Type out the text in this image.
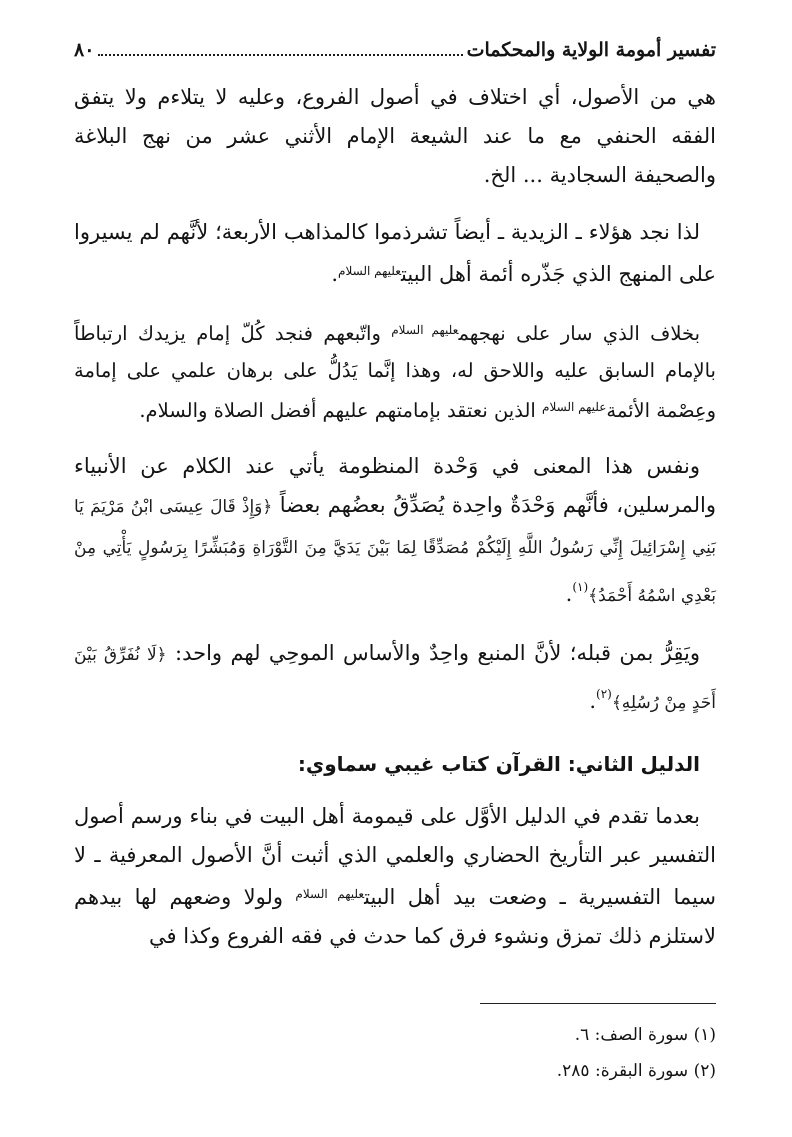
تفسير أمومة الولاية والمحكمات
٨٠

هي من الأصول، أي اختلاف في أصول الفروع، وعليه لا يتلاءم ولا يتفق الفقه الحنفي مع ما عند الشيعة الإمام الأثني عشر من نهج البلاغة والصحيفة السجادية ... الخ.

لذا نجد هؤلاء ـ الزيدية ـ أيضاً تشرذموا كالمذاهب الأربعة؛ لأنَّهم لم يسيروا على المنهج الذي جَذّره أئمة أهل البيت$^{عليهم السلام}$.

بخلاف الذي سار على نهجهم$^{عليهم السلام}$ واتّبعهم فنجد كُلّ إمام يزيدك ارتباطاً بالإمام السابق عليه واللاحق له، وهذا إنَّما يَدُلُّ على برهان علمي على إمامة وعِصْمة الأئمة$^{عليهم السلام}$ الذين نعتقد بإمامتهم عليهم أفضل الصلاة والسلام.

ونفس هذا المعنى في وَحْدة المنظومة يأتي عند الكلام عن الأنبياء والمرسلين، فأنَّهم وَحْدَةٌ واحِدة يُصَدِّقُ بعضُهم بعضاً ﴿وَإِذْ قَالَ عِيسَى ابْنُ مَرْيَمَ يَا بَنِي إِسْرَائِيلَ إِنِّي رَسُولُ اللَّهِ إِلَيْكُمْ مُصَدِّقًا لِمَا بَيْنَ يَدَيَّ مِنَ التَّوْرَاةِ وَمُبَشِّرًا بِرَسُولٍ يَأْتِي مِنْ بَعْدِي اسْمُهُ أَحْمَدُ﴾$^{(١)}$.

ويَقِرُّ بمن قبله؛ لأنَّ المنبع واحِدٌ والأساس الموحِي لهم واحد: ﴿لَا نُفَرِّقُ بَيْنَ أَحَدٍ مِنْ رُسُلِهِ﴾$^{(٢)}$.

الدليل الثاني: القرآن كتاب غيبي سماوي:

بعدما تقدم في الدليل الأوَّل على قيمومة أهل البيت في بناء ورسم أصول التفسير عبر التأريخ الحضاري والعلمي الذي أثبت أنَّ الأصول المعرفية ـ لا سيما التفسيرية ـ وضعت بيد أهل البيت$^{عليهم السلام}$ ولولا وضعهم لها بيدهم لاستلزم ذلك تمزق ونشوء فرق كما حدث في فقه الفروع وكذا في

(١) سورة الصف: ٦.

(٢) سورة البقرة: ٢٨٥.
